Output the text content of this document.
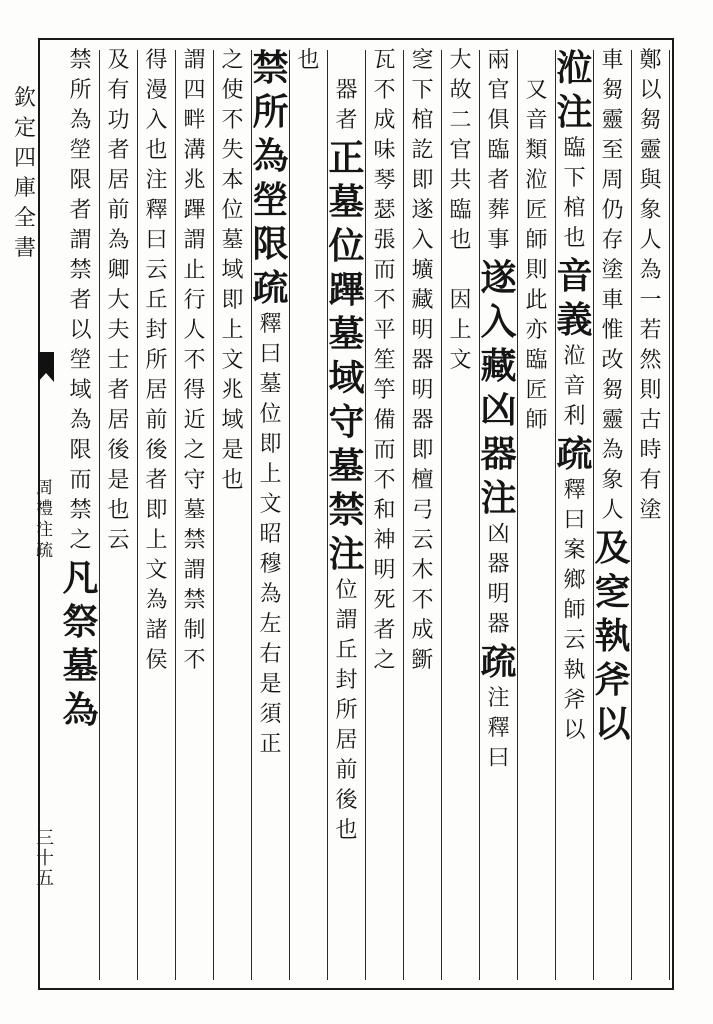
欽
定
四
庫
全
書
周
禮
注
疏
三
十
五
鄭
以
芻
靈
與
象
人
為
一
若
然
則
古
時
有
塗
車
芻
靈
至
周
仍
存
塗
車
惟
改
芻
靈
為
象
人
及
窆
執
斧
以
涖
注
臨
下
棺
也
音
義
涖
音
利
疏
釋
曰
案
鄉
師
云
執
斧
以

又
音
類
涖
匠
師
則
此
亦
臨
匠
師
兩
官
俱
臨
者
葬
事
遂
入
藏
凶
器
注
凶
器
明
器
疏
注
釋
曰
大
故
二
官
共
臨
也

因
上
文
窆
下
棺
訖
即
遂
入
壙
藏
明
器
明
器
即
檀
弓
云
木
不
成
斵
瓦
不
成
味
琴
瑟
張
而
不
平
笙
竽
備
而
不
和
神
明
死
者
之

器
者
正
墓
位
蹕
墓
域
守
墓
禁
注
位
謂
丘
封
所
居
前
後
也
也
禁
所
為
塋
限
疏
釋
曰
墓
位
即
上
文
昭
穆
為
左
右
是
須
正
之
使
不
失
本
位
墓
域
即
上
文
兆
域
是
也
謂
四
畔
溝
兆
蹕
謂
止
行
人
不
得
近
之
守
墓
禁
謂
禁
制
不
得
漫
入
也
注
釋
曰
云
丘
封
所
居
前
後
者
即
上
文
為
諸
侯
及
有
功
者
居
前
為
卿
大
夫
士
者
居
後
是
也
云
禁
所
為
塋
限
者
謂
禁
者
以
塋
域
為
限
而
禁
之
凡
祭
墓
為
